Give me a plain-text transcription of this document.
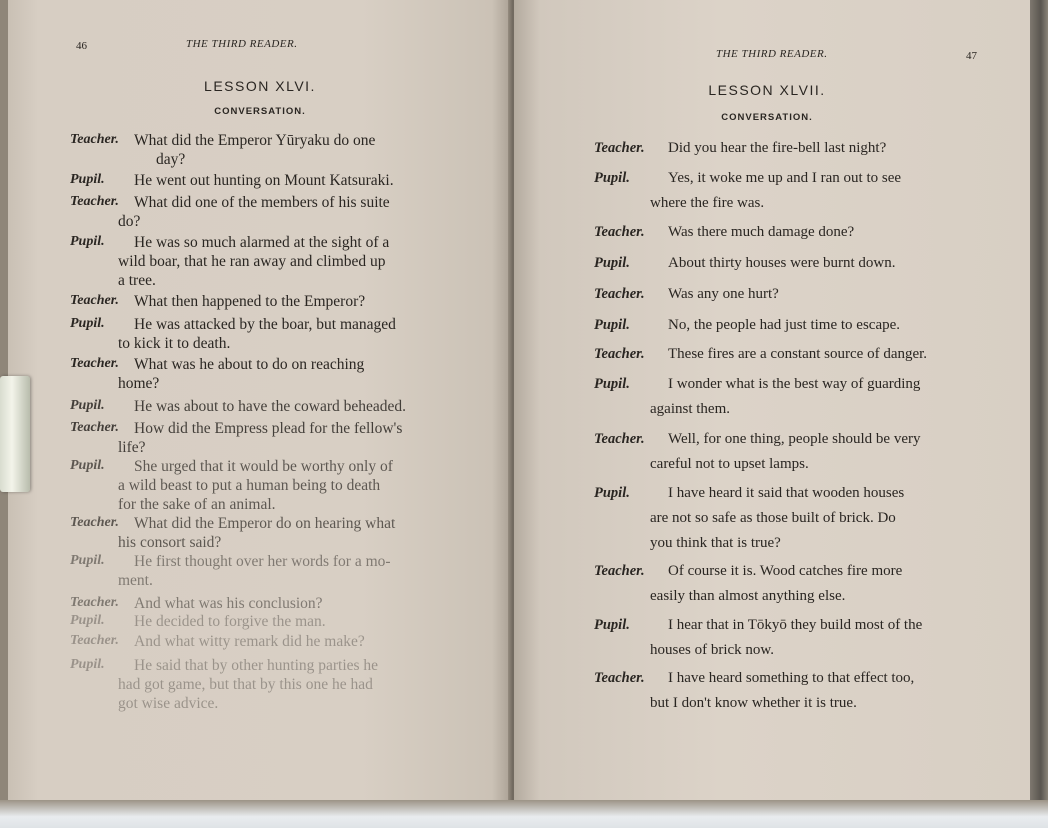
46	THE THIRD READER.
LESSON XLVI.
CONVERSATION.
Teacher. What did the Emperor Yūryaku do one
day?
Pupil. He went out hunting on Mount Katsuraki.
Teacher. What did one of the members of his suite
do?
Pupil. He was so much alarmed at the sight of a
wild boar, that he ran away and climbed up
a tree.
Teacher. What then happened to the Emperor?
Pupil. He was attacked by the boar, but managed
to kick it to death.
Teacher. What was he about to do on reaching
home?
Pupil. He was about to have the coward beheaded.
Teacher. How did the Empress plead for the fellow's
life?
Pupil. She urged that it would be worthy only of
a wild beast to put a human being to death
for the sake of an animal.
Teacher. What did the Emperor do on hearing what
his consort said?
Pupil. He first thought over her words for a mo-
ment.
Teacher. And what was his conclusion?
Pupil. He decided to forgive the man.
Teacher. And what witty remark did he make?
Pupil. He said that by other hunting parties he
had got game, but that by this one he had
got wise advice.
THE THIRD READER.	47
LESSON XLVII.
CONVERSATION.
Teacher. Did you hear the fire-bell last night?
Pupil.	Yes, it woke me up and I ran out to see
where the fire was.
Teacher. Was there much damage done?
Pupil.	About thirty houses were burnt down.
Teacher. Was any one hurt?
Pupil.	No, the people had just time to escape.
Teacher. These fires are a constant source of danger.
Pupil.	I wonder what is the best way of guarding
against them.
Teacher. Well, for one thing, people should be very
careful not to upset lamps.
Pupil.	I have heard it said that wooden houses
are not so safe as those built of brick. Do
you think that is true?
Teacher. Of course it is. Wood catches fire more
easily than almost anything else.
Pupil.	I hear that in Tōkyō they build most of the
houses of brick now.
Teacher. I have heard something to that effect too,
but I don't know whether it is true.
